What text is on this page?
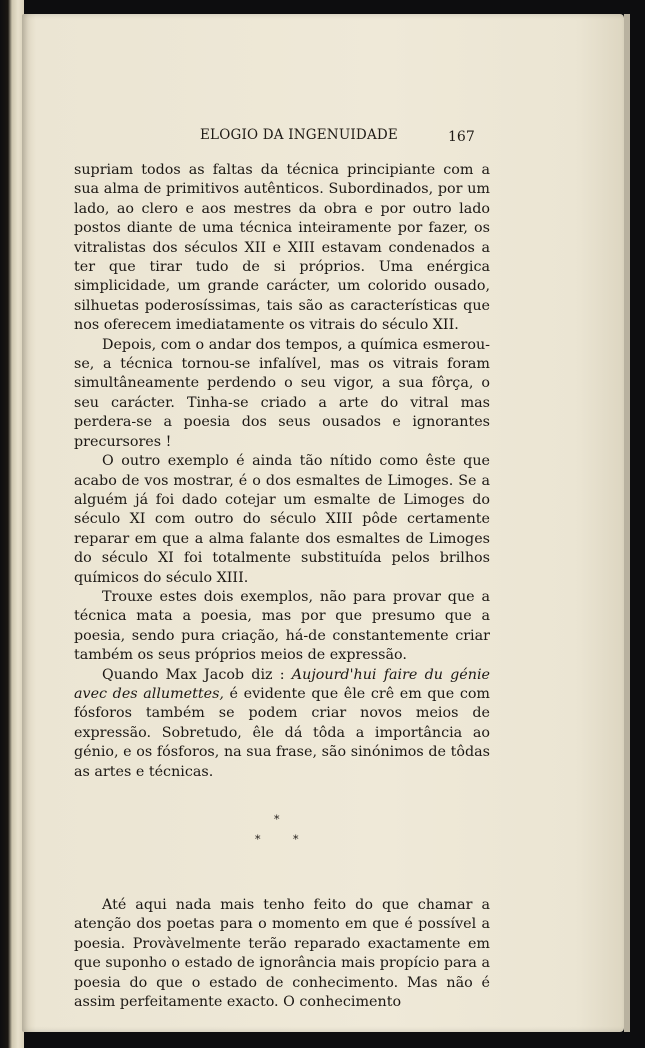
ELOGIO DA INGENUIDADE	167

supriam todos as faltas da técnica principiante com a sua alma de primitivos autênticos. Subordinados, por um lado, ao clero e aos mestres da obra e por outro lado postos diante de uma técnica inteiramente por fazer, os vitralistas dos séculos XII e XIII estavam condenados a ter que tirar tudo de si próprios. Uma enérgica simplicidade, um grande carácter, um colorido ousado, silhuetas poderosíssimas, tais são as características que nos oferecem imediatamente os vitrais do século XII.

Depois, com o andar dos tempos, a química esmerou-se, a técnica tornou-se infalível, mas os vitrais foram simultâneamente perdendo o seu vigor, a sua fôrça, o seu carácter. Tinha-se criado a arte do vitral mas perdera-se a poesia dos seus ousados e ignorantes precursores !

O outro exemplo é ainda tão nítido como êste que acabo de vos mostrar, é o dos esmaltes de Limoges. Se a alguém já foi dado cotejar um esmalte de Limoges do século XI com outro do século XIII pôde certamente reparar em que a alma falante dos esmaltes de Limoges do século XI foi totalmente substituída pelos brilhos químicos do século XIII.

Trouxe estes dois exemplos, não para provar que a técnica mata a poesia, mas por que presumo que a poesia, sendo pura criação, há-de constantemente criar também os seus próprios meios de expressão.

Quando Max Jacob diz : Aujourd'hui faire du génie avec des allumettes, é evidente que êle crê em que com fósforos também se podem criar novos meios de expressão. Sobretudo, êle dá tôda a importância ao génio, e os fósforos, na sua frase, são sinónimos de tôdas as artes e técnicas.

*
*	*

Até aqui nada mais tenho feito do que chamar a atenção dos poetas para o momento em que é possível a poesia. Provàvelmente terão reparado exactamente em que suponho o estado de ignorância mais propício para a poesia do que o estado de conhecimento. Mas não é assim perfeitamente exacto. O conhecimento
